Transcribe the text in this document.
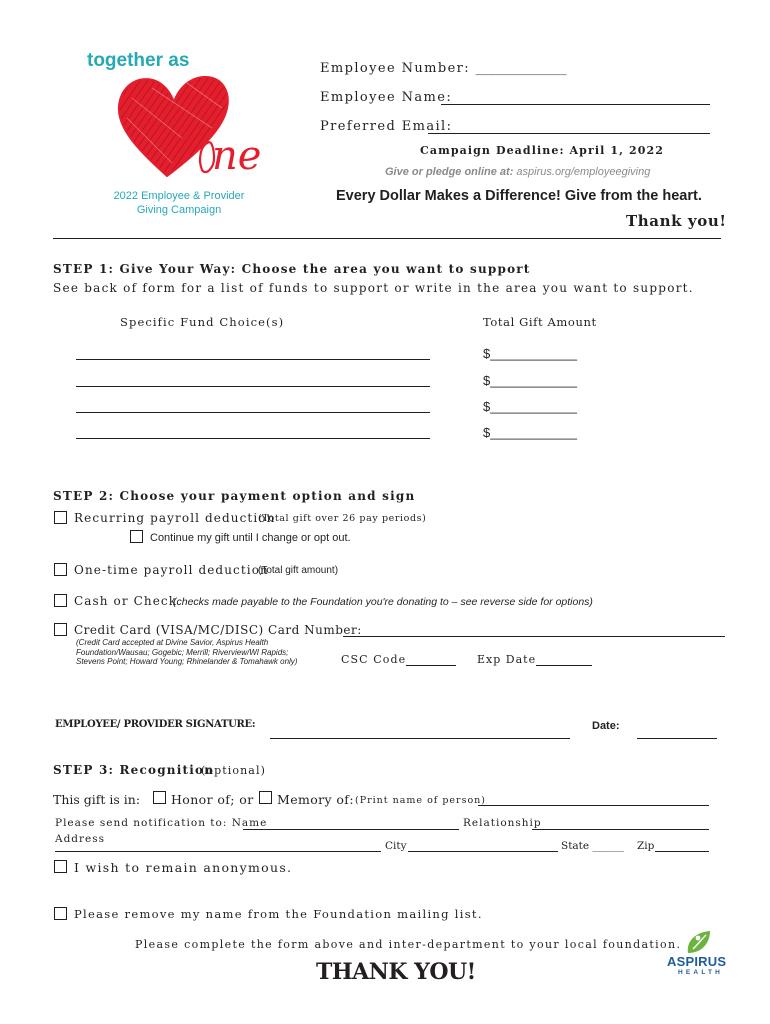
together as
ne
2022 Employee & Provider
Giving Campaign
Employee Number: ______________
Employee Name:
Preferred Email:
Campaign Deadline: April 1, 2022
Give or pledge online at: aspirus.org/employeegiving
Every Dollar Makes a Difference! Give from the heart.
Thank you!
STEP 1: Give Your Way: Choose the area you want to support
See back of form for a list of funds to support or write in the area you want to support.
Specific Fund Choice(s)	Total Gift Amount
$____________
$____________
$____________
$____________
STEP 2: Choose your payment option and sign
Recurring payroll deduction
(Total gift over 26 pay periods)
Continue my gift until I change or opt out.
One-time payroll deduction
(Total gift amount)
Cash or Check
(checks made payable to the Foundation you're donating to – see reverse side for options)
Credit Card (VISA/MC/DISC) Card Number:
(Credit Card accepted at Divine Savior, Aspirus Health Foundation/Wausau; Gogebic; Merrill; Riverview/WI Rapids; Stevens Point; Howard Young; Rhinelander & Tomahawk only)	CSC Code	Exp Date
EMPLOYEE/ PROVIDER SIGNATURE:	Date:
STEP 3: Recognition
(optional)
This gift is in: Honor of; or Memory of: (Print name of person)
Please send notification to: Name	Relationship
Address
City	State ______ Zip
I wish to remain anonymous.
Please remove my name from the Foundation mailing list.
Please complete the form above and inter-department to your local foundation.
THANK YOU!	ASPIRUS
HEALTH
